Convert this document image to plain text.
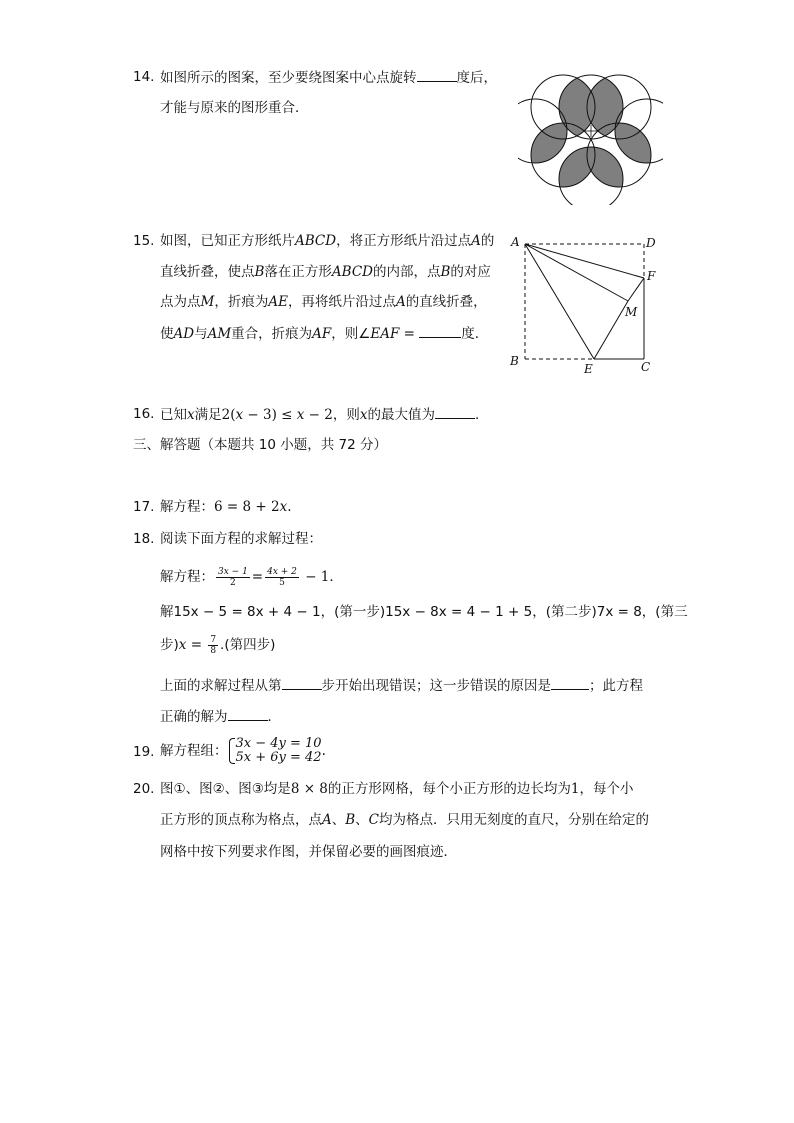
14. 如图所示的图案，至少要绕图案中心点旋转	度后，
才能与原来的图形重合．
15. 如图，已知正方形纸片ABCD，将正方形纸片沿过点A的
直线折叠，使点B落在正方形ABCD的内部，点B的对应
点为点M，折痕为AE，再将纸片沿过点A的直线折叠，
使AD与AM重合，折痕为AF，则∠EAF =	度．
A	D
F
M
B
E	C
16. 已知x满足2(x − 3) ≤ x − 2，则x的最大值为	．
三、解答题（本题共 10 小题，共 72 分）
17. 解方程：6 = 8 + 2x.
18. 阅读下面方程的求解过程：
解方程： $\frac{3x - 1}{2} = \frac{4x + 2}{5} - 1$．
解15x − 5 = 8x + 4 − 1，(第一步)15x − 8x = 4 − 1 + 5，(第二步)7x = 8，(第三
步)$x = \frac{7}{8}$ .(第四步)
上面的求解过程从第	步开始出现错误；这一步错误的原因是	；此方程
正确的解为	．
19. 解方程组： 3x − 4y = 10
5x + 6y = 42 .
20. 图①、图②、图③均是8 × 8的正方形网格，每个小正方形的边长均为1，每个小
正方形的顶点称为格点，点A、B、C均为格点．只用无刻度的直尺，分别在给定的
网格中按下列要求作图，并保留必要的画图痕迹．
